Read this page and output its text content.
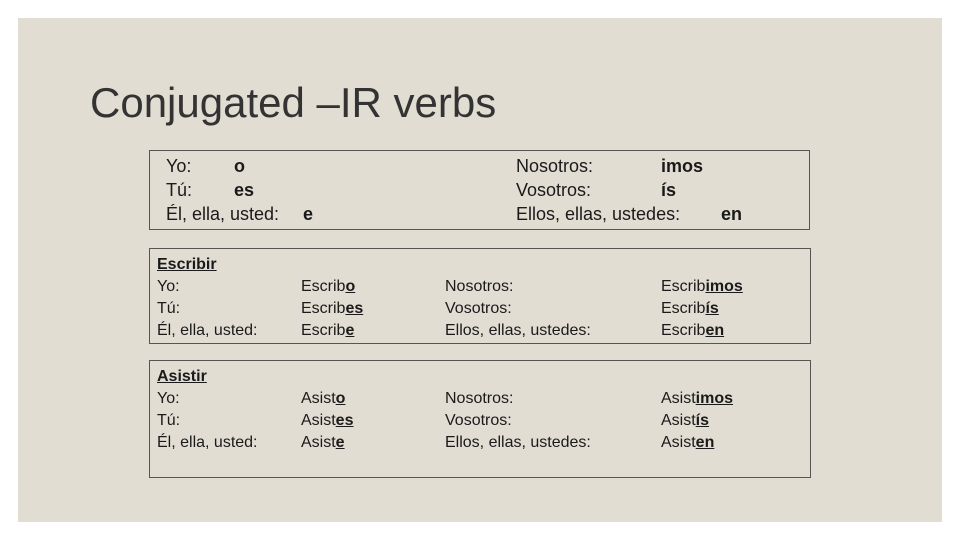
Conjugated –IR verbs
Yo: o
Tú: es
Él, ella, usted: e
Nosotros:	imos
Vosotros:	ís
Ellos, ellas, ustedes: en
Escribir
Yo:
Tú:
Él, ella, usted:
Escribo
Escribes
Escribe
Nosotros:
Vosotros:
Ellos, ellas, ustedes:
Escribimos
Escribís
Escriben
Asistir
Yo:
Tú:
Él, ella, usted:
Asisto
Asistes
Asiste
Nosotros:
Vosotros:
Ellos, ellas, ustedes:
Asistimos
Asistís
Asisten
